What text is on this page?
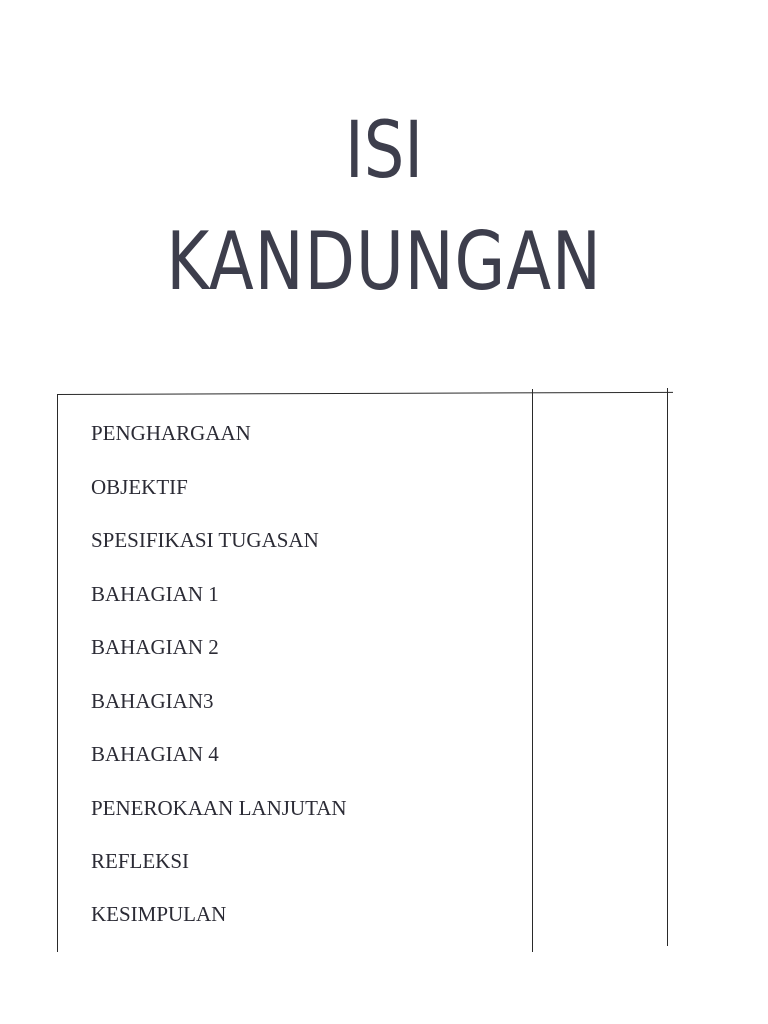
ISI
KANDUNGAN
PENGHARGAAN
OBJEKTIF
SPESIFIKASI TUGASAN
BAHAGIAN 1
BAHAGIAN 2
BAHAGIAN3
BAHAGIAN 4
PENEROKAAN LANJUTAN
REFLEKSI
KESIMPULAN
